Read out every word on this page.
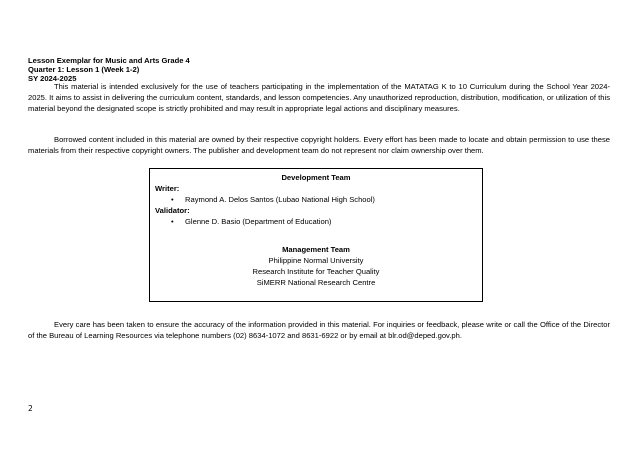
Lesson Exemplar for Music and Arts Grade 4
Quarter 1: Lesson 1 (Week 1-2)
SY 2024-2025
This material is intended exclusively for the use of teachers participating in the implementation of the MATATAG K to 10 Curriculum during the School Year 2024-2025. It aims to assist in delivering the curriculum content, standards, and lesson competencies. Any unauthorized reproduction, distribution, modification, or utilization of this material beyond the designated scope is strictly prohibited and may result in appropriate legal actions and disciplinary measures.
Borrowed content included in this material are owned by their respective copyright holders. Every effort has been made to locate and obtain permission to use these materials from their respective copyright owners. The publisher and development team do not represent nor claim ownership over them.
Development Team
Writer:
• Raymond A. Delos Santos (Lubao National High School)
Validator:
• Glenne D. Basio (Department of Education)
Management Team
Philippine Normal University
Research Institute for Teacher Quality
SiMERR National Research Centre
Every care has been taken to ensure the accuracy of the information provided in this material. For inquiries or feedback, please write or call the Office of the Director of the Bureau of Learning Resources via telephone numbers (02) 8634-1072 and 8631-6922 or by email at blr.od@deped.gov.ph.
2
